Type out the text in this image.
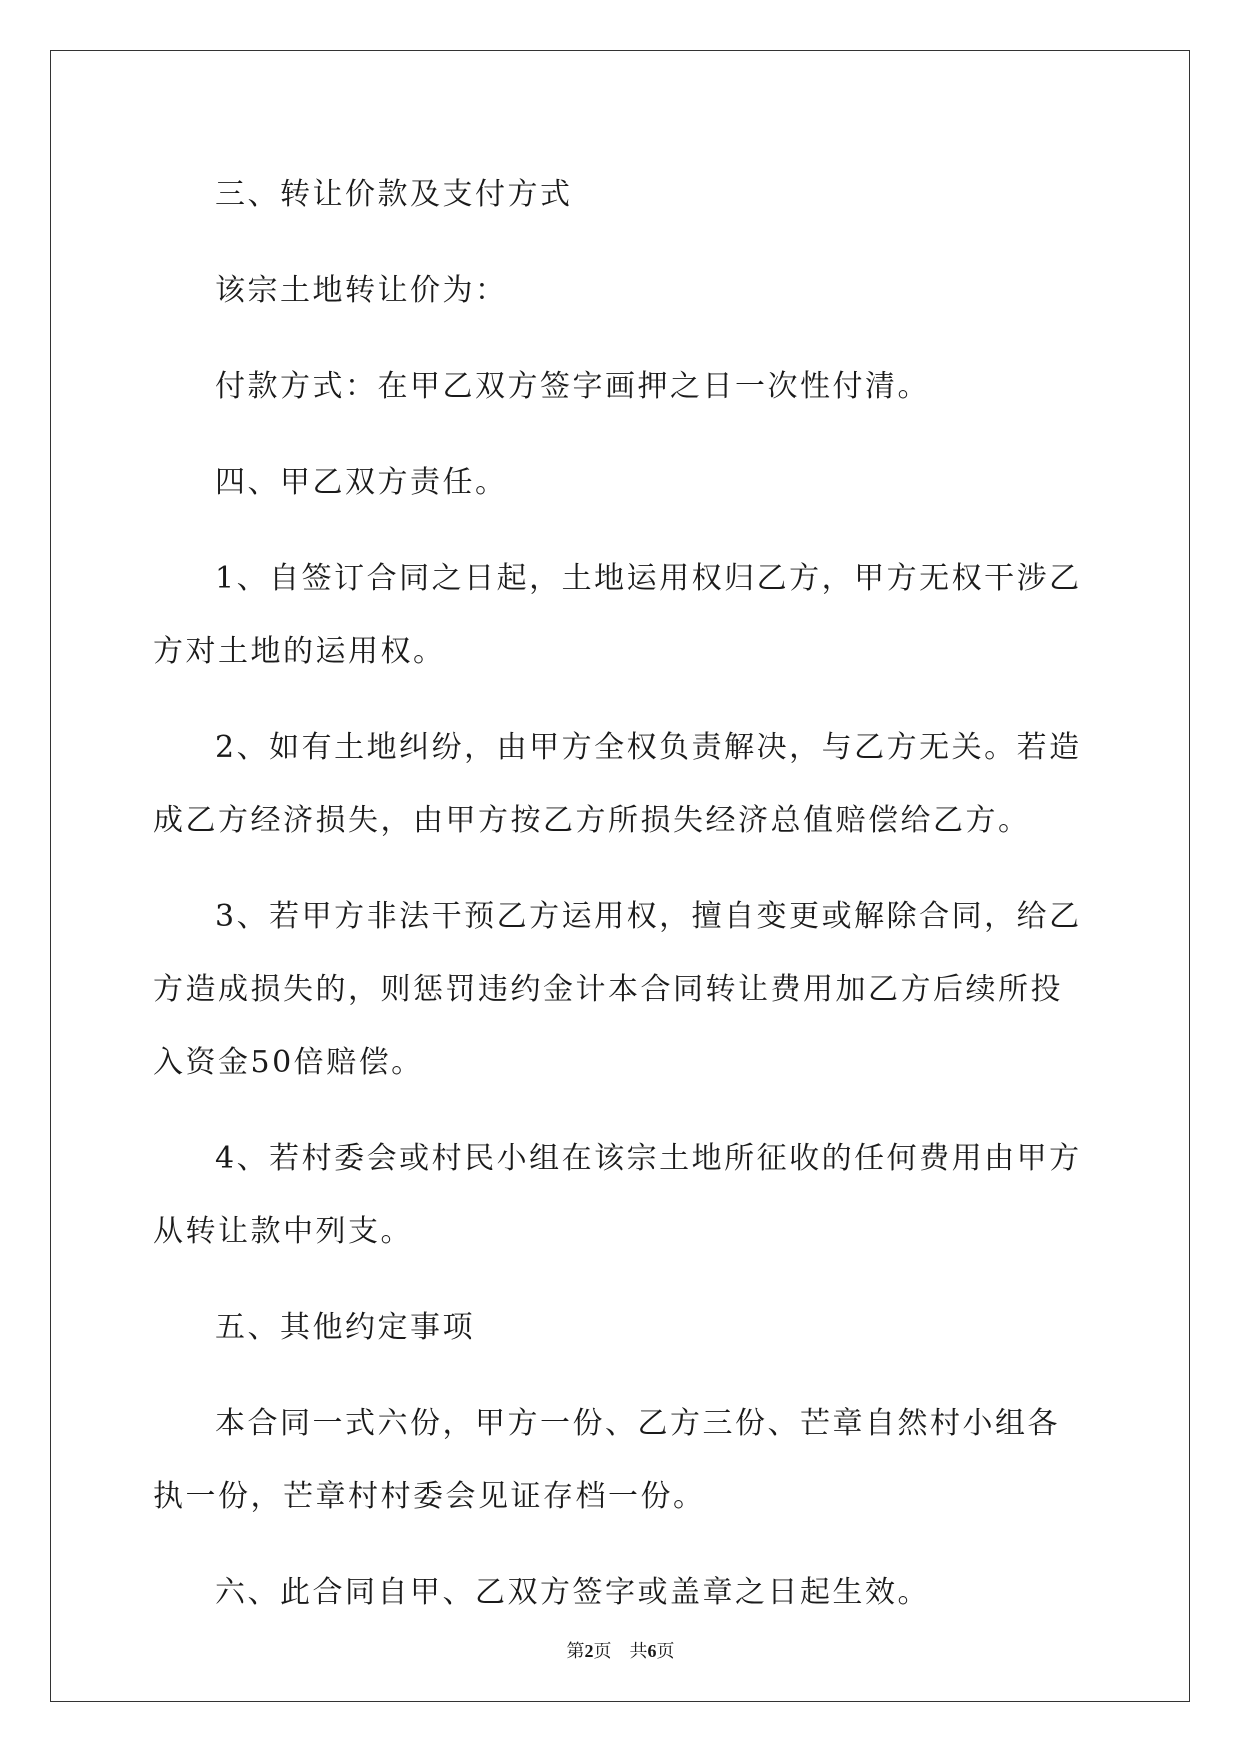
三、转让价款及支付方式

该宗土地转让价为：

付款方式：在甲乙双方签字画押之日一次性付清。

四、甲乙双方责任。

1、自签订合同之日起，土地运用权归乙方，甲方无权干涉乙方对土地的运用权。

2、如有土地纠纷，由甲方全权负责解决，与乙方无关。若造成乙方经济损失，由甲方按乙方所损失经济总值赔偿给乙方。

3、若甲方非法干预乙方运用权，擅自变更或解除合同，给乙方造成损失的，则惩罚违约金计本合同转让费用加乙方后续所投入资金50倍赔偿。

4、若村委会或村民小组在该宗土地所征收的任何费用由甲方从转让款中列支。

五、其他约定事项

本合同一式六份，甲方一份、乙方三份、芒章自然村小组各执一份，芒章村村委会见证存档一份。

六、此合同自甲、乙双方签字或盖章之日起生效。

第2页 共6页
